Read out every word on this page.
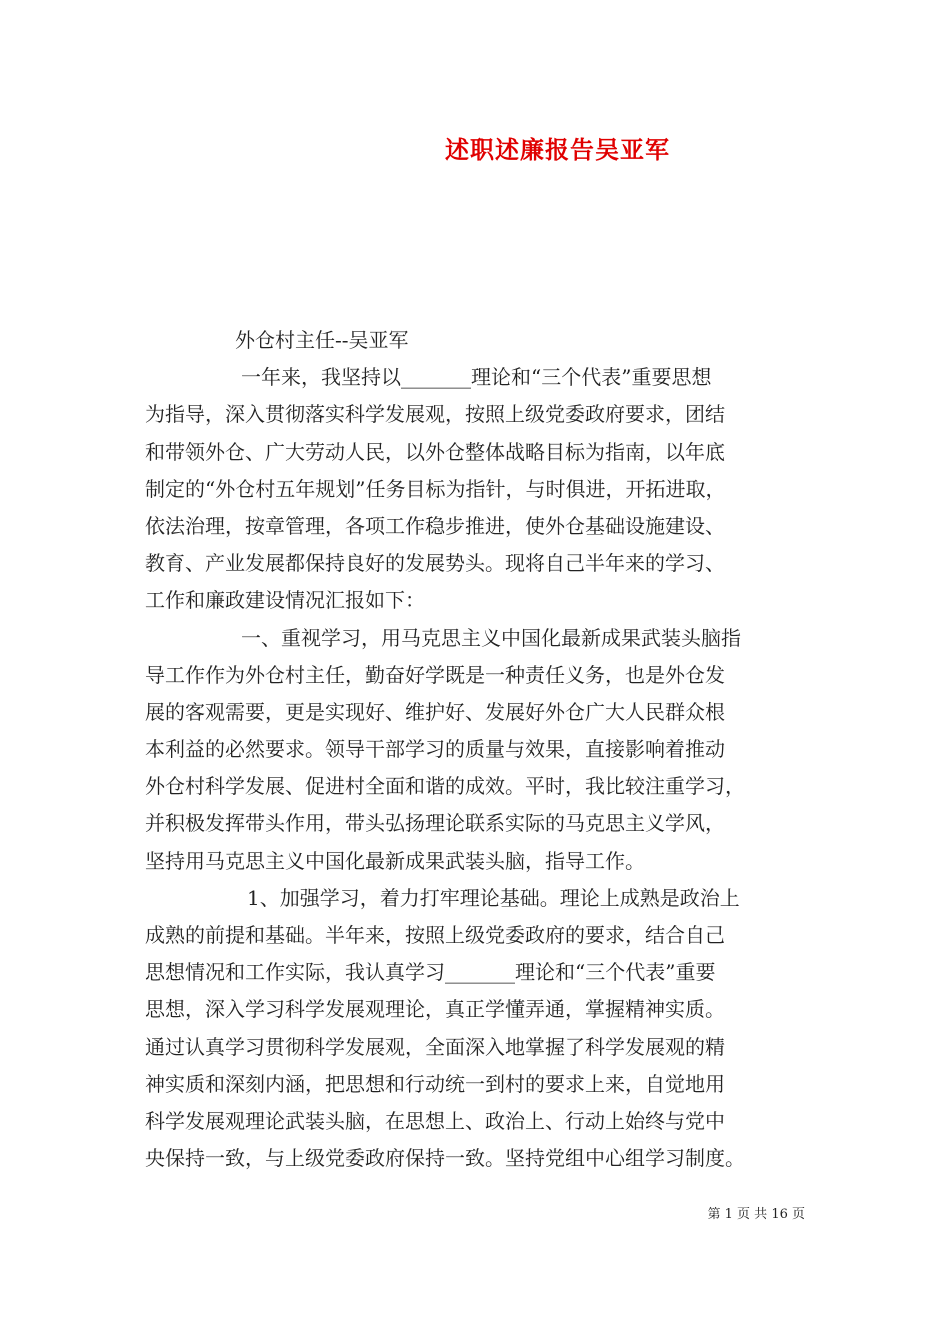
述职述廉报告吴亚军
外仓村主任--吴亚军
一年来，我坚持以_______理论和“三个代表”重要思想
为指导，深入贯彻落实科学发展观，按照上级党委政府要求，团结
和带领外仓、广大劳动人民，以外仓整体战略目标为指南，以年底
制定的“外仓村五年规划”任务目标为指针，与时俱进，开拓进取，
依法治理，按章管理，各项工作稳步推进，使外仓基础设施建设、
教育、产业发展都保持良好的发展势头。现将自己半年来的学习、
工作和廉政建设情况汇报如下：
一、重视学习，用马克思主义中国化最新成果武装头脑指
导工作作为外仓村主任，勤奋好学既是一种责任义务，也是外仓发
展的客观需要，更是实现好、维护好、发展好外仓广大人民群众根
本利益的必然要求。领导干部学习的质量与效果，直接影响着推动
外仓村科学发展、促进村全面和谐的成效。平时，我比较注重学习，
并积极发挥带头作用，带头弘扬理论联系实际的马克思主义学风，
坚持用马克思主义中国化最新成果武装头脑，指导工作。
1、加强学习，着力打牢理论基础。理论上成熟是政治上
成熟的前提和基础。半年来，按照上级党委政府的要求，结合自己
思想情况和工作实际，我认真学习_______理论和“三个代表”重要
思想，深入学习科学发展观理论，真正学懂弄通，掌握精神实质。
通过认真学习贯彻科学发展观，全面深入地掌握了科学发展观的精
神实质和深刻内涵，把思想和行动统一到村的要求上来，自觉地用
科学发展观理论武装头脑，在思想上、政治上、行动上始终与党中
央保持一致，与上级党委政府保持一致。坚持党组中心组学习制度。
第 1 页 共 16 页
